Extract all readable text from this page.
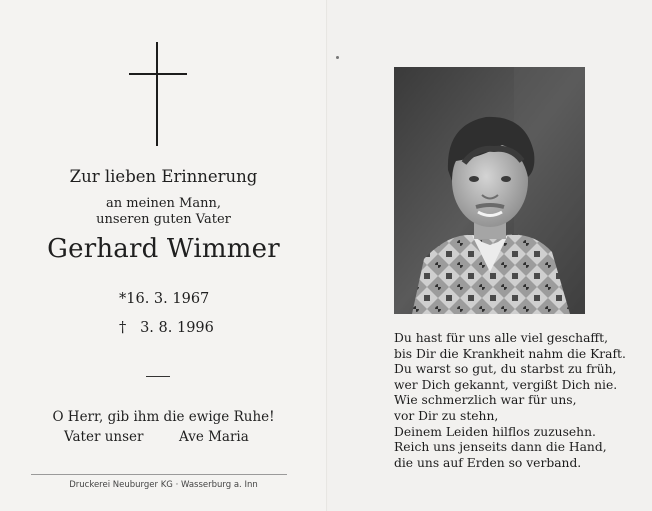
Zur lieben Erinnerung
an meinen Mann,
unseren guten Vater
Gerhard Wimmer
*16. 3. 1967
† 3. 8. 1996
O Herr, gib ihm die ewige Ruhe!
Vater unser	Ave Maria
Druckerei Neuburger KG · Wasserburg a. Inn
Du hast für uns alle viel geschafft,
bis Dir die Krankheit nahm die Kraft.
Du warst so gut, du starbst zu früh,
wer Dich gekannt, vergißt Dich nie.
Wie schmerzlich war für uns,
vor Dir zu stehn,
Deinem Leiden hilflos zuzusehn.
Reich uns jenseits dann die Hand,
die uns auf Erden so verband.
